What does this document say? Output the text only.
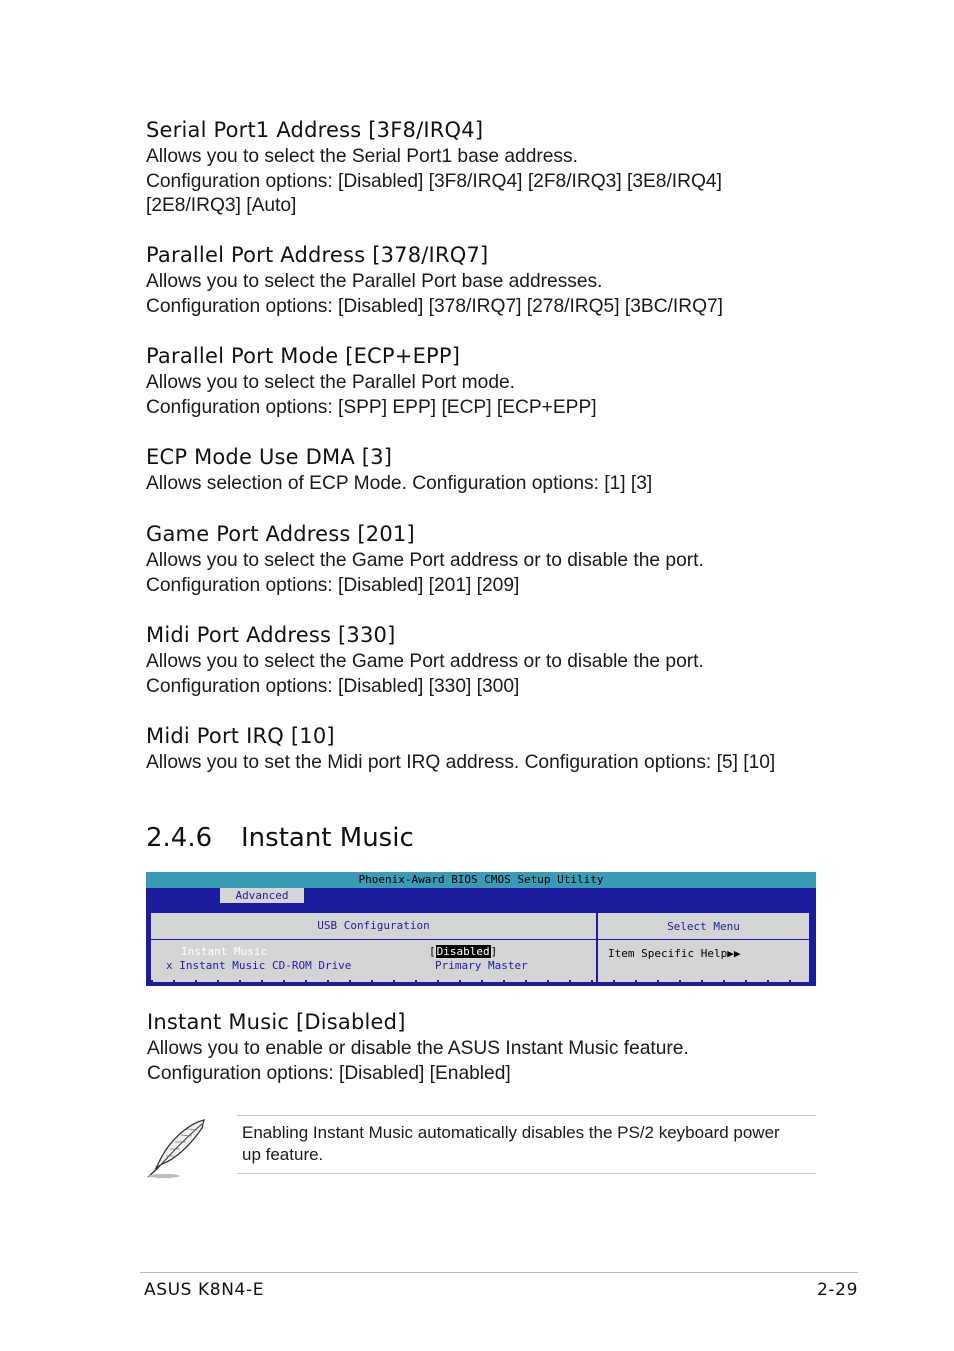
Serial Port1 Address [3F8/IRQ4]

Allows you to select the Serial Port1 base address.
Configuration options: [Disabled] [3F8/IRQ4] [2F8/IRQ3] [3E8/IRQ4]
[2E8/IRQ3] [Auto]

Parallel Port Address [378/IRQ7]

Allows you to select the Parallel Port base addresses.
Configuration options: [Disabled] [378/IRQ7] [278/IRQ5] [3BC/IRQ7]

Parallel Port Mode [ECP+EPP]

Allows you to select the Parallel Port mode.
Configuration options: [SPP] EPP] [ECP] [ECP+EPP]

ECP Mode Use DMA [3]

Allows selection of ECP Mode. Configuration options: [1] [3]

Game Port Address [201]

Allows you to select the Game Port address or to disable the port.
Configuration options: [Disabled] [201] [209]

Midi Port Address [330]

Allows you to select the Game Port address or to disable the port.
Configuration options: [Disabled] [330] [300]

Midi Port IRQ [10]

Allows you to set the Midi port IRQ address. Configuration options: [5] [10]

2.4.6 Instant Music
Phoenix-Award BIOS CMOS Setup Utility
Advanced
USB Configuration	Select Menu
Instant Music	[Disabled]
x Instant Music CD-ROM Drive	Primary Master
Item Specific Help▶▶
Instant Music [Disabled]

Allows you to enable or disable the ASUS Instant Music feature.
Configuration options: [Disabled] [Enabled]

Enabling Instant Music automatically disables the PS/2 keyboard power
up feature.

ASUS K8N4-E	2-29
